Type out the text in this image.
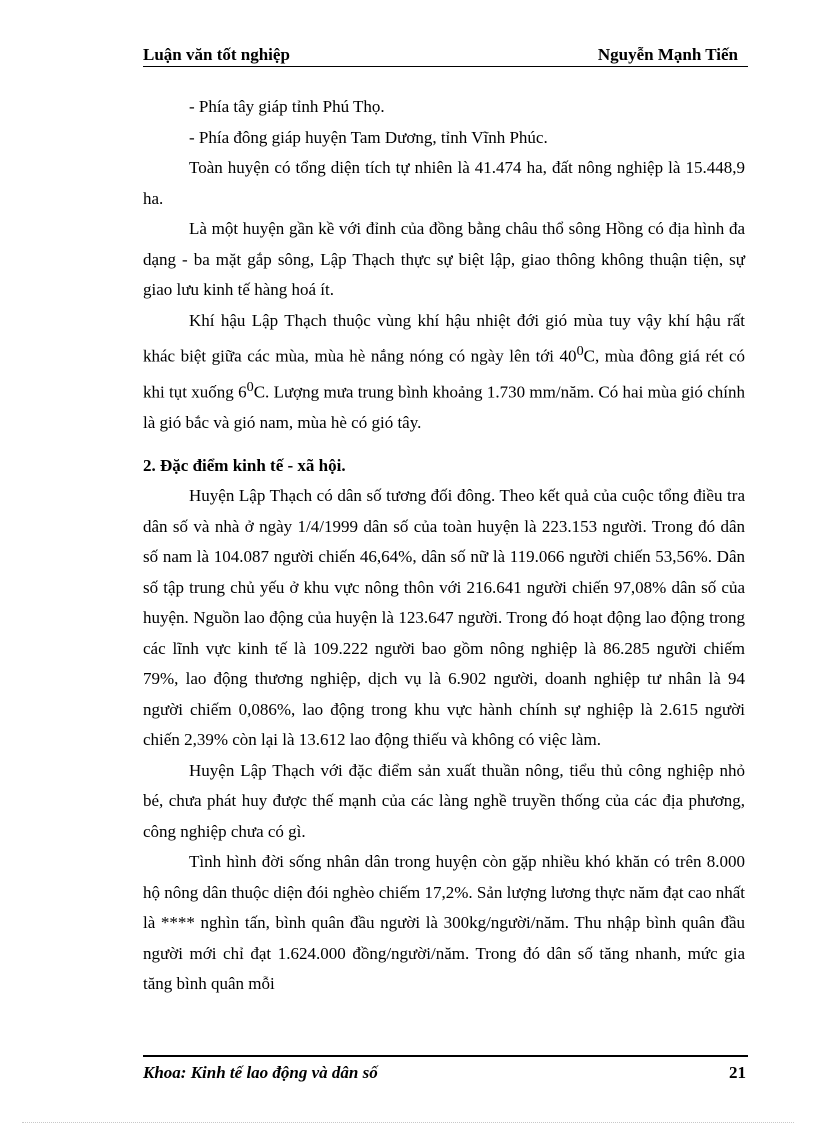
Luận văn tốt nghiệp	Nguyễn Mạnh Tiến

- Phía tây giáp tỉnh Phú Thọ.

- Phía đông giáp huyện Tam Dương, tỉnh Vĩnh Phúc.

Toàn huyện có tổng diện tích tự nhiên là 41.474 ha, đất nông nghiệp là 15.448,9 ha.

Là một huyện gần kề với đỉnh của đồng bằng châu thổ sông Hồng có địa hình đa dạng - ba mặt gắp sông, Lập Thạch thực sự biệt lập, giao thông không thuận tiện, sự giao lưu kinh tế hàng hoá ít.

Khí hậu Lập Thạch thuộc vùng khí hậu nhiệt đới gió mùa tuy vậy khí hậu rất khác biệt giữa các mùa, mùa hè nắng nóng có ngày lên tới $40^0C$, mùa đông giá rét có khi tụt xuống $6^0C$. Lượng mưa trung bình khoảng 1.730 mm/năm. Có hai mùa gió chính là gió bắc và gió nam, mùa hè có gió tây.

2. Đặc điểm kinh tế - xã hội.

Huyện Lập Thạch có dân số tương đối đông. Theo kết quả của cuộc tổng điều tra dân số và nhà ở ngày 1/4/1999 dân số của toàn huyện là 223.153 người. Trong đó dân số nam là 104.087 người chiến 46,64%, dân số nữ là 119.066 người chiến 53,56%. Dân số tập trung chủ yếu ở khu vực nông thôn với 216.641 người chiến 97,08% dân số của huyện. Nguồn lao động của huyện là 123.647 người. Trong đó hoạt động lao động trong các lĩnh vực kinh tế là 109.222 người bao gồm nông nghiệp là 86.285 người chiếm 79%, lao động thương nghiệp, dịch vụ là 6.902 người, doanh nghiệp tư nhân là 94 người chiếm 0,086%, lao động trong khu vực hành chính sự nghiệp là 2.615 người chiến 2,39% còn lại là 13.612 lao động thiếu và không có việc làm.

Huyện Lập Thạch với đặc điểm sản xuất thuần nông, tiểu thủ công nghiệp nhỏ bé, chưa phát huy được thế mạnh của các làng nghề truyền thống của các địa phương, công nghiệp chưa có gì.

Tình hình đời sống nhân dân trong huyện còn gặp nhiều khó khăn có trên 8.000 hộ nông dân thuộc diện đói nghèo chiếm 17,2%. Sản lượng lương thực năm đạt cao nhất là **** nghìn tấn, bình quân đầu người là 300kg/người/năm. Thu nhập bình quân đầu người mới chỉ đạt 1.624.000 đồng/người/năm. Trong đó dân số tăng nhanh, mức gia tăng bình quân mỗi

Khoa: Kinh tế lao động và dân số	21
